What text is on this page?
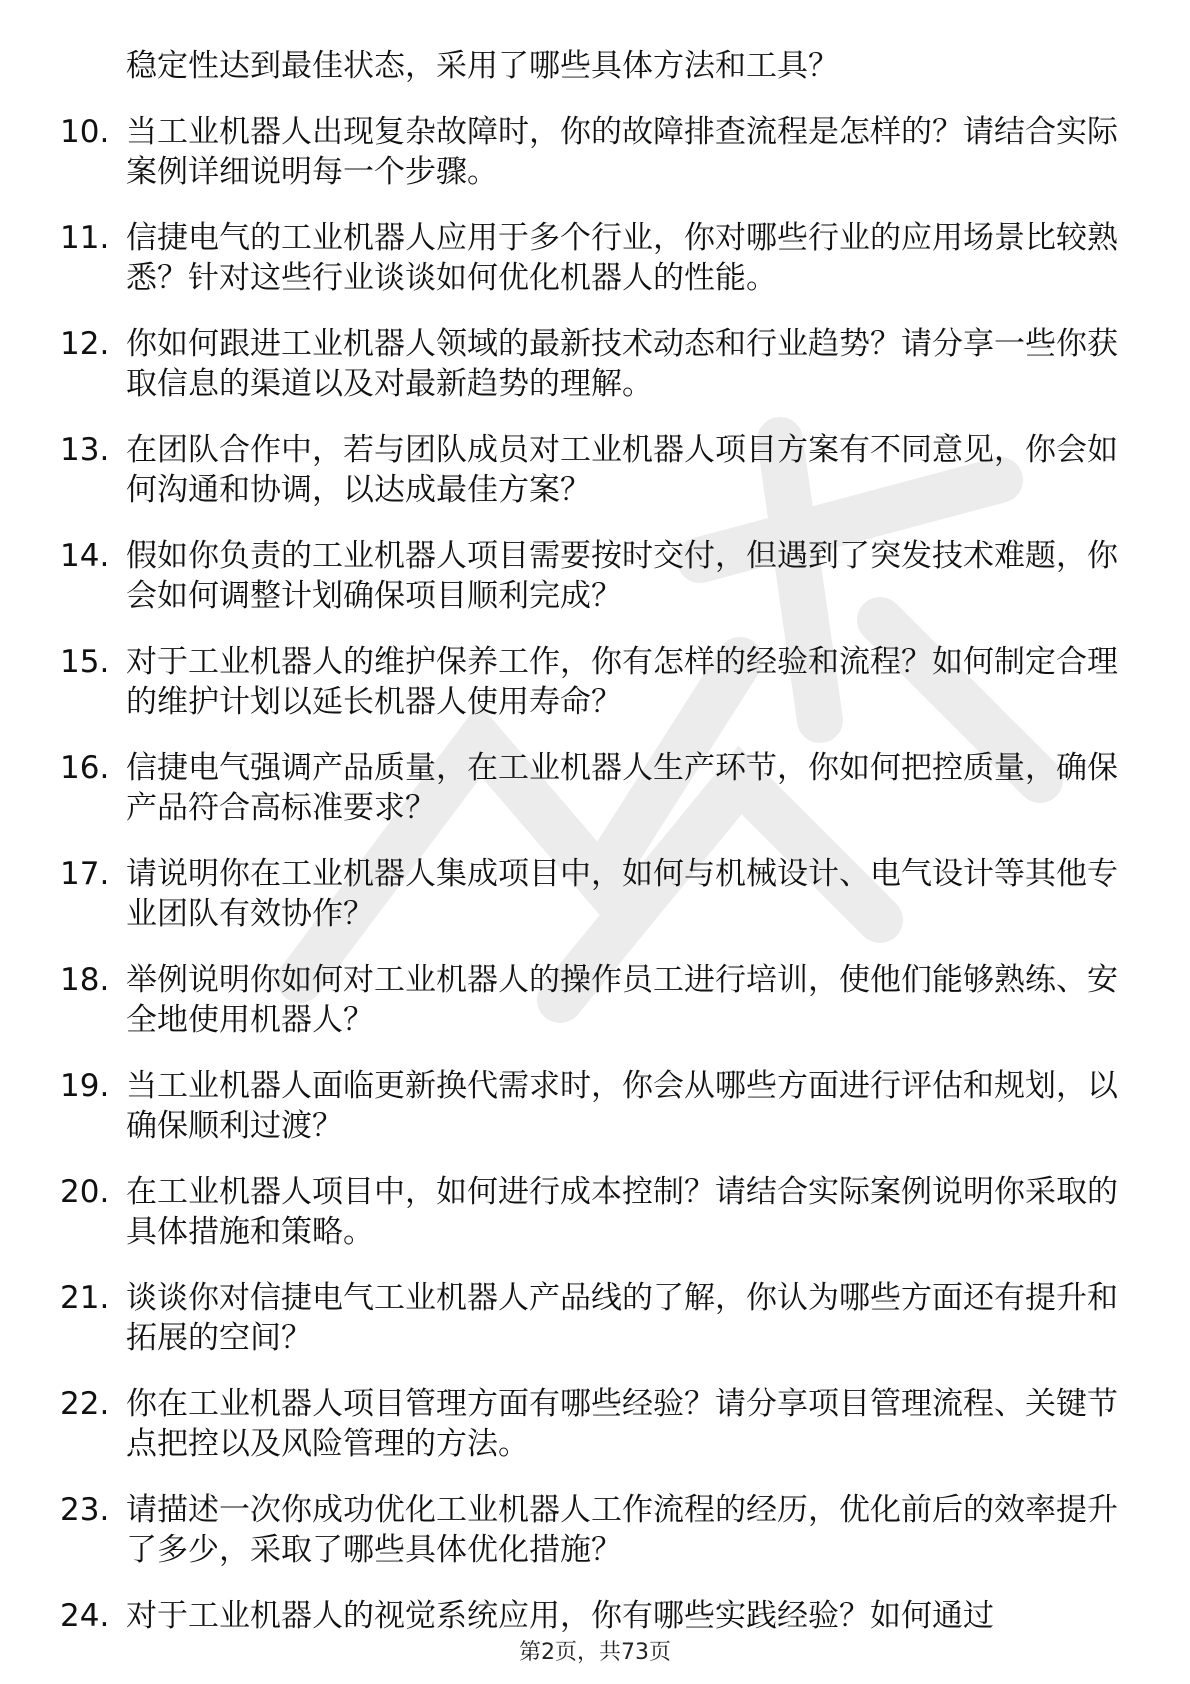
稳定性达到最佳状态，采用了哪些具体方法和工具？

10. 当工业机器人出现复杂故障时，你的故障排查流程是怎样的？请结合实际案例详细说明每一个步骤。
11. 信捷电气的工业机器人应用于多个行业，你对哪些行业的应用场景比较熟悉？针对这些行业谈谈如何优化机器人的性能。
12. 你如何跟进工业机器人领域的最新技术动态和行业趋势？请分享一些你获取信息的渠道以及对最新趋势的理解。
13. 在团队合作中，若与团队成员对工业机器人项目方案有不同意见，你会如何沟通和协调，以达成最佳方案？
14. 假如你负责的工业机器人项目需要按时交付，但遇到了突发技术难题，你会如何调整计划确保项目顺利完成？
15. 对于工业机器人的维护保养工作，你有怎样的经验和流程？如何制定合理的维护计划以延长机器人使用寿命？
16. 信捷电气强调产品质量，在工业机器人生产环节，你如何把控质量，确保产品符合高标准要求？
17. 请说明你在工业机器人集成项目中，如何与机械设计、电气设计等其他专业团队有效协作？
18. 举例说明你如何对工业机器人的操作员工进行培训，使他们能够熟练、安全地使用机器人？
19. 当工业机器人面临更新换代需求时，你会从哪些方面进行评估和规划，以确保顺利过渡？
20. 在工业机器人项目中，如何进行成本控制？请结合实际案例说明你采取的具体措施和策略。
21. 谈谈你对信捷电气工业机器人产品线的了解，你认为哪些方面还有提升和拓展的空间？
22. 你在工业机器人项目管理方面有哪些经验？请分享项目管理流程、关键节点把控以及风险管理的方法。
23. 请描述一次你成功优化工业机器人工作流程的经历，优化前后的效率提升了多少，采取了哪些具体优化措施？
24. 对于工业机器人的视觉系统应用，你有哪些实践经验？如何通过
第2页，共73页
